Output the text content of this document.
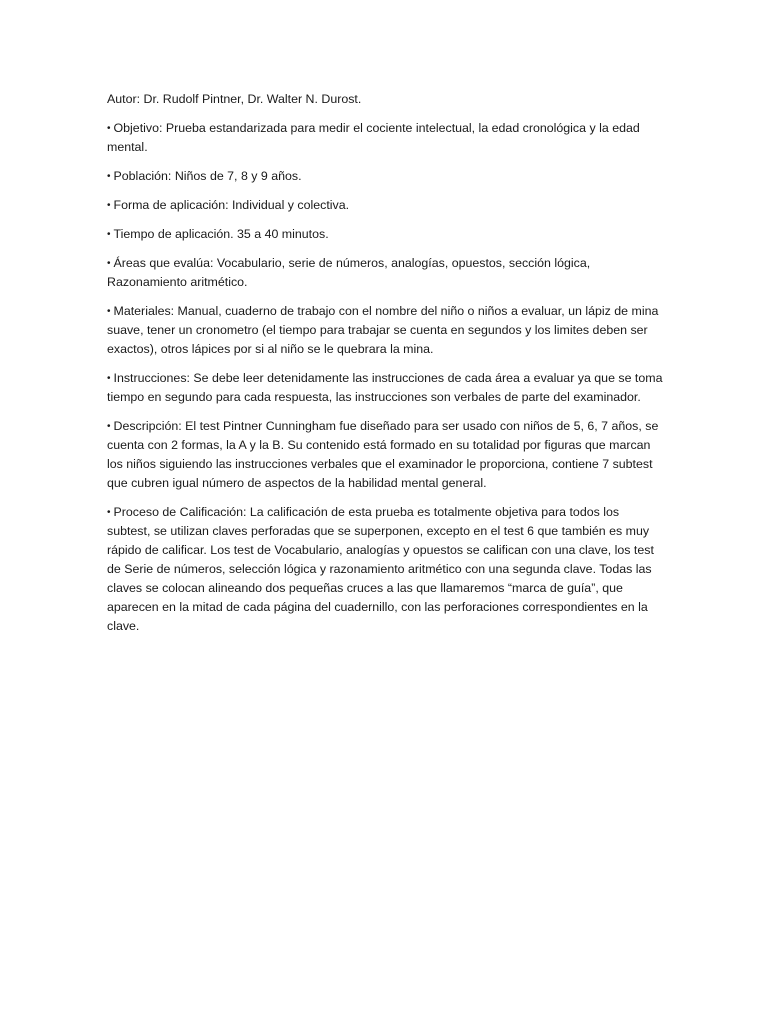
Autor: Dr. Rudolf Pintner, Dr. Walter N. Durost.

• Objetivo: Prueba estandarizada para medir el cociente intelectual, la edad cronológica y la edad mental.

• Población: Niños de 7, 8 y 9 años.

• Forma de aplicación: Individual y colectiva.

• Tiempo de aplicación. 35 a 40 minutos.

• Áreas que evalúa: Vocabulario, serie de números, analogías, opuestos, sección lógica, Razonamiento aritmético.

• Materiales: Manual, cuaderno de trabajo con el nombre del niño o niños a evaluar, un lápiz de mina suave, tener un cronometro (el tiempo para trabajar se cuenta en segundos y los limites deben ser exactos), otros lápices por si al niño se le quebrara la mina.

• Instrucciones: Se debe leer detenidamente las instrucciones de cada área a evaluar ya que se toma tiempo en segundo para cada respuesta, las instrucciones son verbales de parte del examinador.

• Descripción: El test Pintner Cunningham fue diseñado para ser usado con niños de 5, 6, 7 años, se cuenta con 2 formas, la A y la B. Su contenido está formado en su totalidad por figuras que marcan los niños siguiendo las instrucciones verbales que el examinador le proporciona, contiene 7 subtest que cubren igual número de aspectos de la habilidad mental general.

• Proceso de Calificación: La calificación de esta prueba es totalmente objetiva para todos los subtest, se utilizan claves perforadas que se superponen, excepto en el test 6 que también es muy rápido de calificar. Los test de Vocabulario, analogías y opuestos se califican con una clave, los test de Serie de números, selección lógica y razonamiento aritmético con una segunda clave. Todas las claves se colocan alineando dos pequeñas cruces a las que llamaremos “marca de guía”, que aparecen en la mitad de cada página del cuadernillo, con las perforaciones correspondientes en la clave.
